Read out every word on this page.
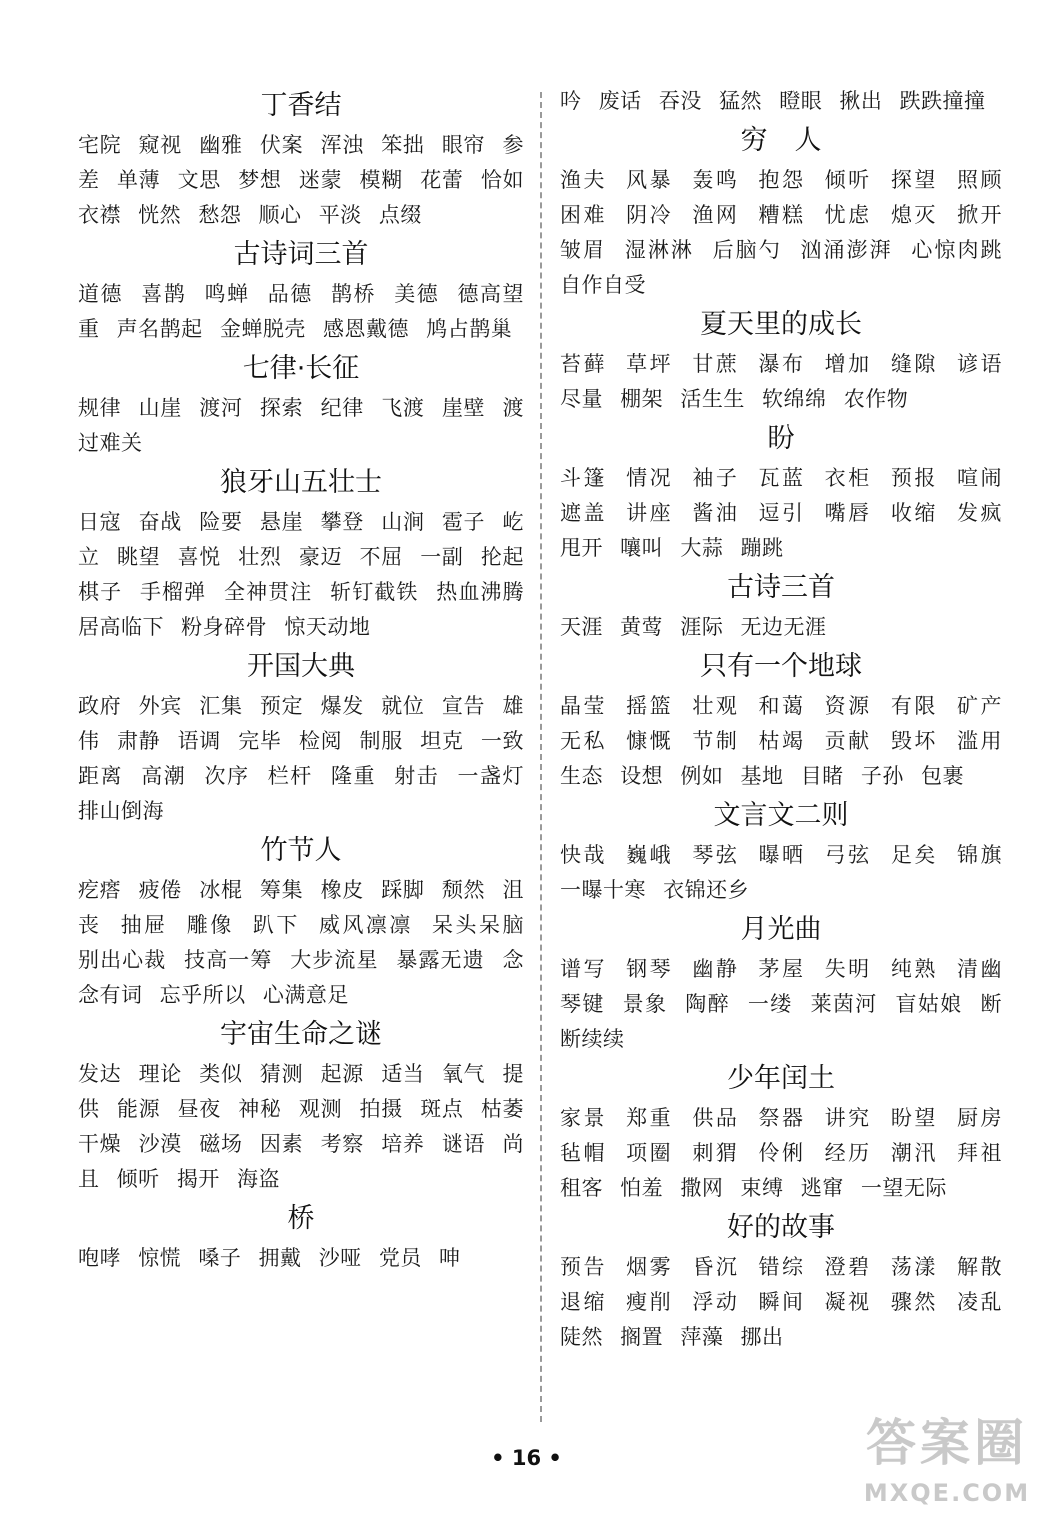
丁香结

宅院 窥视 幽雅 伏案 浑浊 笨拙 眼帘 参差 单薄 文思 梦想 迷蒙 模糊 花蕾 恰如 衣襟 恍然 愁怨 顺心 平淡 点缀

古诗词三首

道德 喜鹊 鸣蝉 品德 鹊桥 美德 德高望重 声名鹊起 金蝉脱壳 感恩戴德 鸠占鹊巢

七律·长征

规律 山崖 渡河 探索 纪律 飞渡 崖壁 渡过难关

狼牙山五壮士

日寇 奋战 险要 悬崖 攀登 山涧 雹子 屹立 眺望 喜悦 壮烈 豪迈 不屈 一副 抡起 棋子 手榴弹 全神贯注 斩钉截铁 热血沸腾 居高临下 粉身碎骨 惊天动地

开国大典

政府 外宾 汇集 预定 爆发 就位 宣告 雄伟 肃静 语调 完毕 检阅 制服 坦克 一致 距离 高潮 次序 栏杆 隆重 射击 一盏灯 排山倒海

竹节人

疙瘩 疲倦 冰棍 筹集 橡皮 踩脚 颓然 沮丧 抽屉 雕像 趴下 威风凛凛 呆头呆脑 别出心裁 技高一筹 大步流星 暴露无遗 念念有词 忘乎所以 心满意足

宇宙生命之谜

发达 理论 类似 猜测 起源 适当 氧气 提供 能源 昼夜 神秘 观测 拍摄 斑点 枯萎 干燥 沙漠 磁场 因素 考察 培养 谜语 尚且 倾听 揭开 海盗

桥

咆哮 惊慌 嗓子 拥戴 沙哑 党员 呻

吟 废话 吞没 猛然 瞪眼 揪出 跌跌撞撞

穷　人

渔夫 风暴 轰鸣 抱怨 倾听 探望 照顾 困难 阴冷 渔网 糟糕 忧虑 熄灭 掀开 皱眉 湿淋淋 后脑勺 汹涌澎湃 心惊肉跳 自作自受

夏天里的成长

苔藓 草坪 甘蔗 瀑布 增加 缝隙 谚语 尽量 棚架 活生生 软绵绵 农作物

盼

斗篷 情况 袖子 瓦蓝 衣柜 预报 喧闹 遮盖 讲座 酱油 逗引 嘴唇 收缩 发疯 甩开 嚷叫 大蒜 蹦跳

古诗三首

天涯 黄莺 涯际 无边无涯

只有一个地球

晶莹 摇篮 壮观 和蔼 资源 有限 矿产 无私 慷慨 节制 枯竭 贡献 毁坏 滥用 生态 设想 例如 基地 目睹 子孙 包裹

文言文二则

快哉 巍峨 琴弦 曝晒 弓弦 足矣 锦旗 一曝十寒 衣锦还乡

月光曲

谱写 钢琴 幽静 茅屋 失明 纯熟 清幽 琴键 景象 陶醉 一缕 莱茵河 盲姑娘 断断续续

少年闰土

家景 郑重 供品 祭器 讲究 盼望 厨房 毡帽 项圈 刺猬 伶俐 经历 潮汛 拜祖 租客 怕羞 撒网 束缚 逃窜 一望无际

好的故事

预告 烟雾 昏沉 错综 澄碧 荡漾 解散 退缩 瘦削 浮动 瞬间 凝视 骤然 凌乱 陡然 搁置 萍藻 挪出

• 16 •	答案圈
MXQE.COM
